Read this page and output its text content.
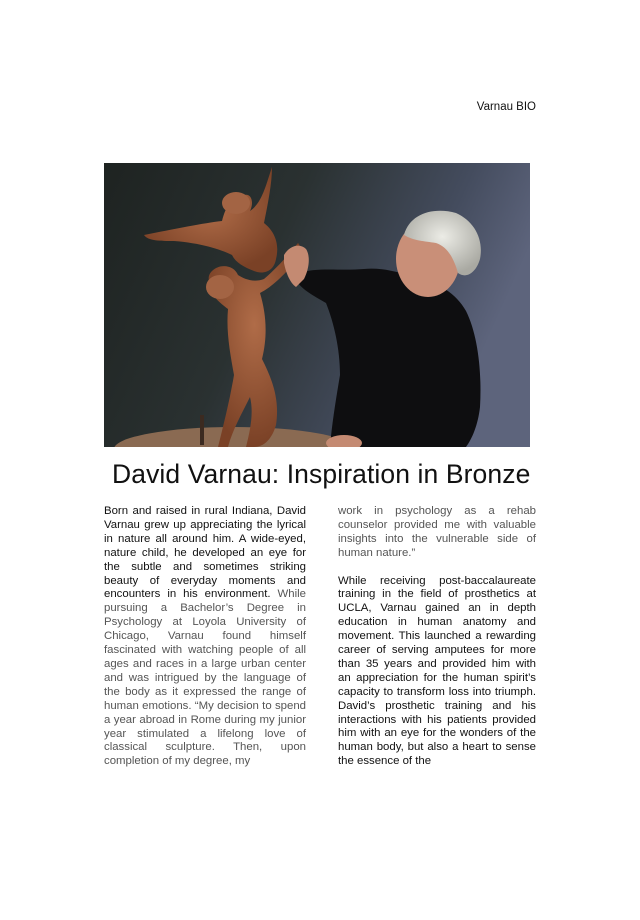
Varnau BIO
David Varnau: Inspiration in Bronze

Born and raised in rural Indiana, David Varnau grew up appreciating the lyrical in nature all around him. A wide-eyed, nature child, he developed an eye for the subtle and sometimes striking beauty of everyday moments and encounters in his environment. While pursuing a Bachelor’s Degree in Psychology at Loyola University of Chicago, Varnau found himself fascinated with watching people of all ages and races in a large urban center and was intrigued by the language of the body as it expressed the range of human emotions. “My decision to spend a year abroad in Rome during my junior year stimulated a lifelong love of classical sculpture. Then, upon completion of my degree, my

work in psychology as a rehab counselor provided me with valuable insights into the vulnerable side of human nature.”

While receiving post-baccalaureate training in the field of prosthetics at UCLA, Varnau gained an in depth education in human anatomy and movement. This launched a rewarding career of serving amputees for more than 35 years and provided him with an appreciation for the human spirit’s capacity to transform loss into triumph. David’s prosthetic training and his interactions with his patients provided him with an eye for the wonders of the human body, but also a heart to sense the essence of the
